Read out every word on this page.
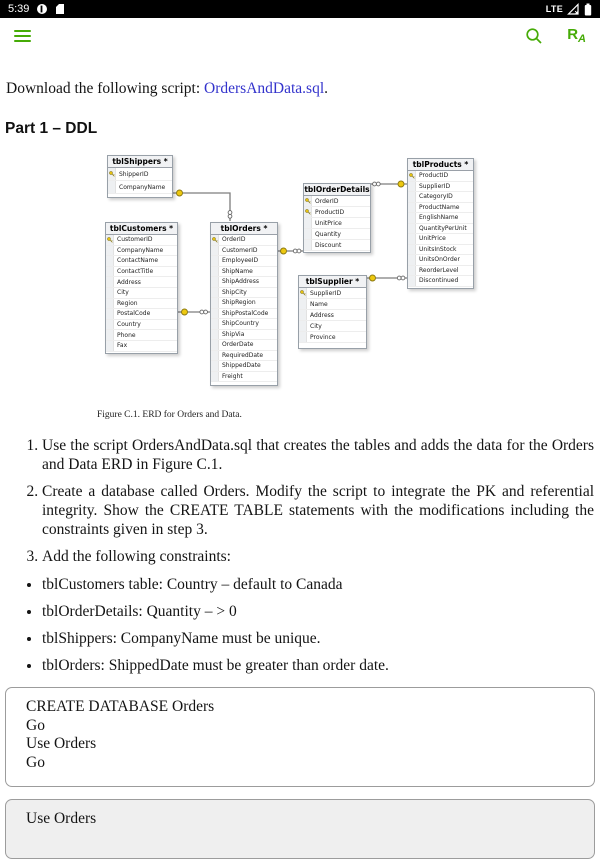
5:39	LTE
$R_A$

Download the following script: OrdersAndData.sql.

Part 1 – DDL
tblShippers *
ShipperID
CompanyName
tblCustomers *
CustomerID
CompanyName
ContactName
ContactTitle
Address
City
Region
PostalCode
Country
Phone
Fax
tblOrders *
OrderID
CustomerID
EmployeeID
ShipName
ShipAddress
ShipCity
ShipRegion
ShipPostalCode
ShipCountry
ShipVia
OrderDate
RequiredDate
ShippedDate
Freight
tblOrderDetails
OrderID
ProductID
UnitPrice
Quantity
Discount
tblProducts *
ProductID
SupplierID
CategoryID
ProductName
EnglishName
QuantityPerUnit
UnitPrice
UnitsInStock
UnitsOnOrder
ReorderLevel
Discontinued
tblSupplier *
SupplierID
Name
Address
City
Province
Figure C.1. ERD for Orders and Data.
1. Use the script OrdersAndData.sql that creates the tables and adds the data for the Orders and Data ERD in Figure C.1.
2. Create a database called Orders. Modify the script to integrate the PK and referential integrity. Show the CREATE TABLE statements with the modifications including the constraints given in step 3.
3. Add the following constraints:
• tblCustomers table: Country – default to Canada
• tblOrderDetails: Quantity – > 0
• tblShippers: CompanyName must be unique.
• tblOrders: ShippedDate must be greater than order date.
CREATE DATABASE Orders
Go
Use Orders
Go
Use Orders
